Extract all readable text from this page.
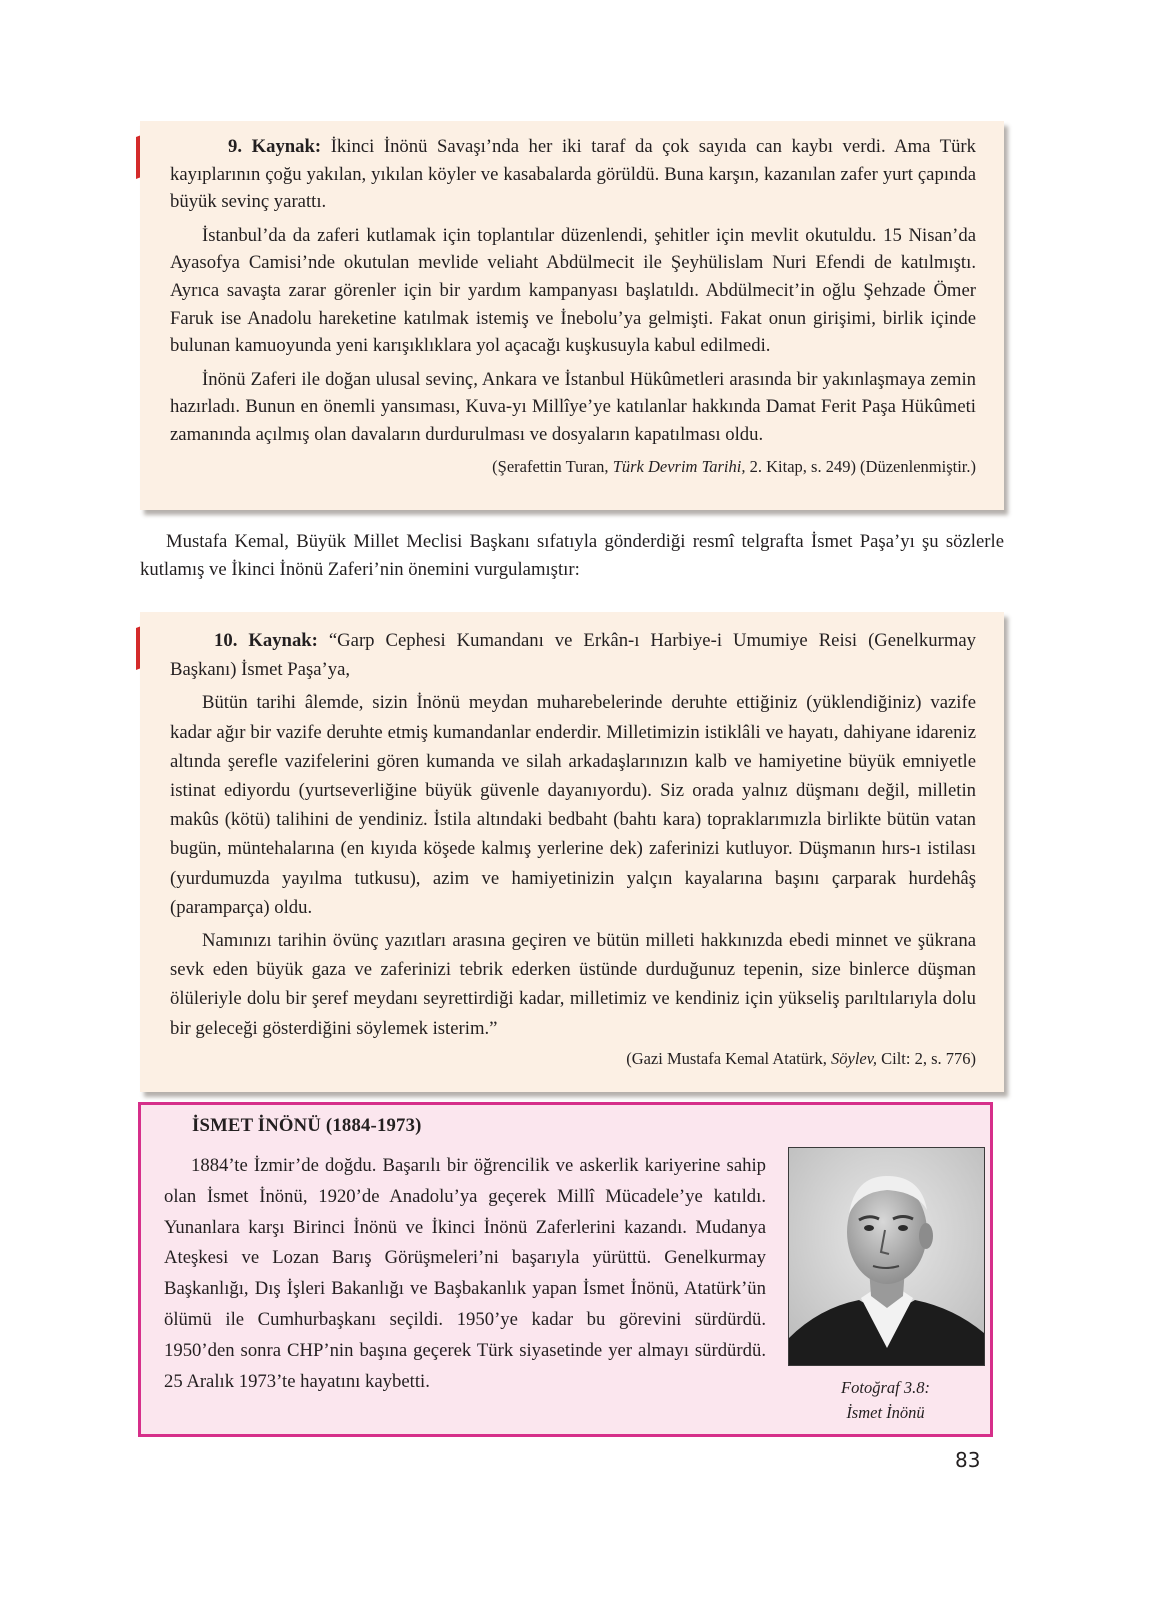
9. Kaynak: İkinci İnönü Savaşı’nda her iki taraf da çok sayıda can kaybı verdi. Ama Türk kayıplarının çoğu yakılan, yıkılan köyler ve kasabalarda görüldü. Buna karşın, kazanılan zafer yurt çapında büyük sevinç yarattı.

İstanbul’da da zaferi kutlamak için toplantılar düzenlendi, şehitler için mevlit okutuldu. 15 Nisan’da Ayasofya Camisi’nde okutulan mevlide veliaht Abdülmecit ile Şeyhülislam Nuri Efendi de katılmıştı. Ayrıca savaşta zarar görenler için bir yardım kampanyası başlatıldı. Abdülmecit’in oğlu Şehzade Ömer Faruk ise Anadolu hareketine katılmak istemiş ve İnebolu’ya gelmişti. Fakat onun girişimi, birlik içinde bulunan kamuoyunda yeni karışıklıklara yol açacağı kuşkusuyla kabul edilmedi.

İnönü Zaferi ile doğan ulusal sevinç, Ankara ve İstanbul Hükûmetleri arasında bir yakınlaşmaya zemin hazırladı. Bunun en önemli yansıması, Kuva-yı Millîye’ye katılanlar hakkında Damat Ferit Paşa Hükûmeti zamanında açılmış olan davaların durdurulması ve dosyaların kapatılması oldu.

(Şerafettin Turan, Türk Devrim Tarihi, 2. Kitap, s. 249) (Düzenlenmiştir.)

Mustafa Kemal, Büyük Millet Meclisi Başkanı sıfatıyla gönderdiği resmî telgrafta İsmet Paşa’yı şu sözlerle kutlamış ve İkinci İnönü Zaferi’nin önemini vurgulamıştır:

10. Kaynak: “Garp Cephesi Kumandanı ve Erkân-ı Harbiye-i Umumiye Reisi (Genelkurmay Başkanı) İsmet Paşa’ya,

Bütün tarihi âlemde, sizin İnönü meydan muharebelerinde deruhte ettiğiniz (yüklendiğiniz) vazife kadar ağır bir vazife deruhte etmiş kumandanlar enderdir. Milletimizin istiklâli ve hayatı, dahiyane idareniz altında şerefle vazifelerini gören kumanda ve silah arkadaşlarınızın kalb ve hamiyetine büyük emniyetle istinat ediyordu (yurtseverliğine büyük güvenle dayanıyordu). Siz orada yalnız düşmanı değil, milletin makûs (kötü) talihini de yendiniz. İstila altındaki bedbaht (bahtı kara) topraklarımızla birlikte bütün vatan bugün, müntehalarına (en kıyıda köşede kalmış yerlerine dek) zaferinizi kutluyor. Düşmanın hırs-ı istilası (yurdumuzda yayılma tutkusu), azim ve hamiyetinizin yalçın kayalarına başını çarparak hurdehâş (paramparça) oldu.

Namınızı tarihin övünç yazıtları arasına geçiren ve bütün milleti hakkınızda ebedi minnet ve şükrana sevk eden büyük gaza ve zaferinizi tebrik ederken üstünde durduğunuz tepenin, size binlerce düşman ölüleriyle dolu bir şeref meydanı seyrettirdiği kadar, milletimiz ve kendiniz için yükseliş parıltılarıyla dolu bir geleceği gösterdiğini söylemek isterim.”

(Gazi Mustafa Kemal Atatürk, Söylev, Cilt: 2, s. 776)

İSMET İNÖNÜ (1884-1973)

1884’te İzmir’de doğdu. Başarılı bir öğrencilik ve askerlik kariyerine sahip olan İsmet İnönü, 1920’de Anadolu’ya geçerek Millî Mücadele’ye katıldı. Yunanlara karşı Birinci İnönü ve İkinci İnönü Zaferlerini kazandı. Mudanya Ateşkesi ve Lozan Barış Görüşmeleri’ni başarıyla yürüttü. Genelkurmay Başkanlığı, Dış İşleri Bakanlığı ve Başbakanlık yapan İsmet İnönü, Atatürk’ün ölümü ile Cumhurbaşkanı seçildi. 1950’ye kadar bu görevini sürdürdü. 1950’den sonra CHP’nin başına geçerek Türk siyasetinde yer almayı sürdürdü. 25 Aralık 1973’te hayatını kaybetti.	Fotoğraf 3.8:
İsmet İnönü

83
